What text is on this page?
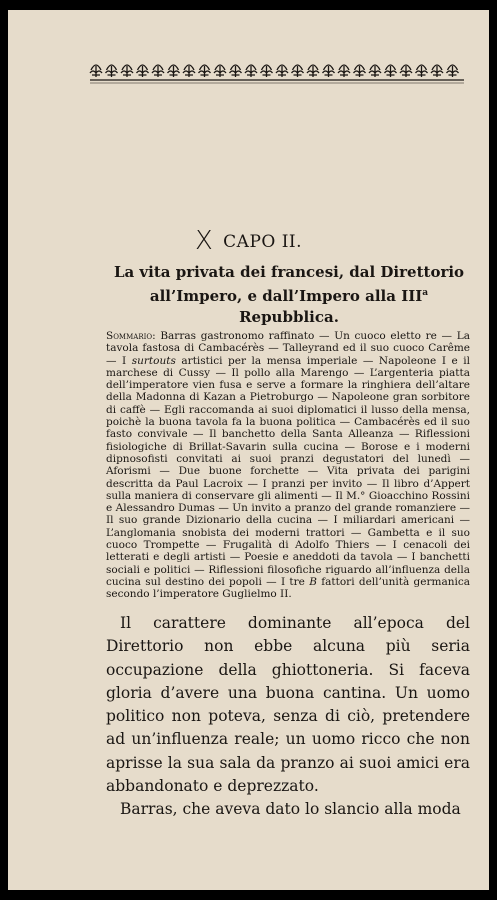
X CAPO II.
La vita privata dei francesi, dal Direttorio
all’Impero, e dall’Impero alla III$^a$ Repubblica.
Sommario: Barras gastronomo raffinato — Un cuoco eletto re — La tavola fastosa di Cambacérès — Talleyrand ed il suo cuoco Carême — I surtouts artistici per la mensa imperiale — Napoleone I e il marchese di Cussy — Il pollo alla Marengo — L’argenteria piatta dell’imperatore vien fusa e serve a formare la ringhiera dell’altare della Madonna di Kazan a Pietroburgo — Napoleone gran sorbitore di caffè — Egli raccomanda ai suoi diplomatici il lusso della mensa, poichè la buona tavola fa la buona politica — Cambacérès ed il suo fasto convivale — Il banchetto della Santa Alleanza — Riflessioni fisiologiche di Brillat-Savarin sulla cucina — Borose e i moderni dipnosofisti convitati ai suoi pranzi degustatori del lunedì — Aforismi — Due buone forchette — Vita privata dei parigini descritta da Paul Lacroix — I pranzi per invito — Il libro d’Appert sulla maniera di conservare gli alimenti — Il M.° Gioacchino Rossini e Alessandro Dumas — Un invito a pranzo del grande romanziere — Il suo grande Dizionario della cucina — I miliardari americani — L’anglomania snobista dei moderni trattori — Gambetta e il suo cuoco Trompette — Frugalità di Adolfo Thiers — I cenacoli dei letterati e degli artisti — Poesie e aneddoti da tavola — I banchetti sociali e politici — Riflessioni filosofiche riguardo all’influenza della cucina sul destino dei popoli — I tre B fattori dell’unità germanica secondo l’imperatore Guglielmo II.

Il carattere dominante all’epoca del Direttorio non ebbe alcuna più seria occupazione della ghiottoneria. Si faceva gloria d’avere una buona cantina. Un uomo politico non poteva, senza di ciò, pretendere ad un’influenza reale; un uomo ricco che non aprisse la sua sala da pranzo ai suoi amici era abbandonato e deprezzato.

Barras, che aveva dato lo slancio alla moda
